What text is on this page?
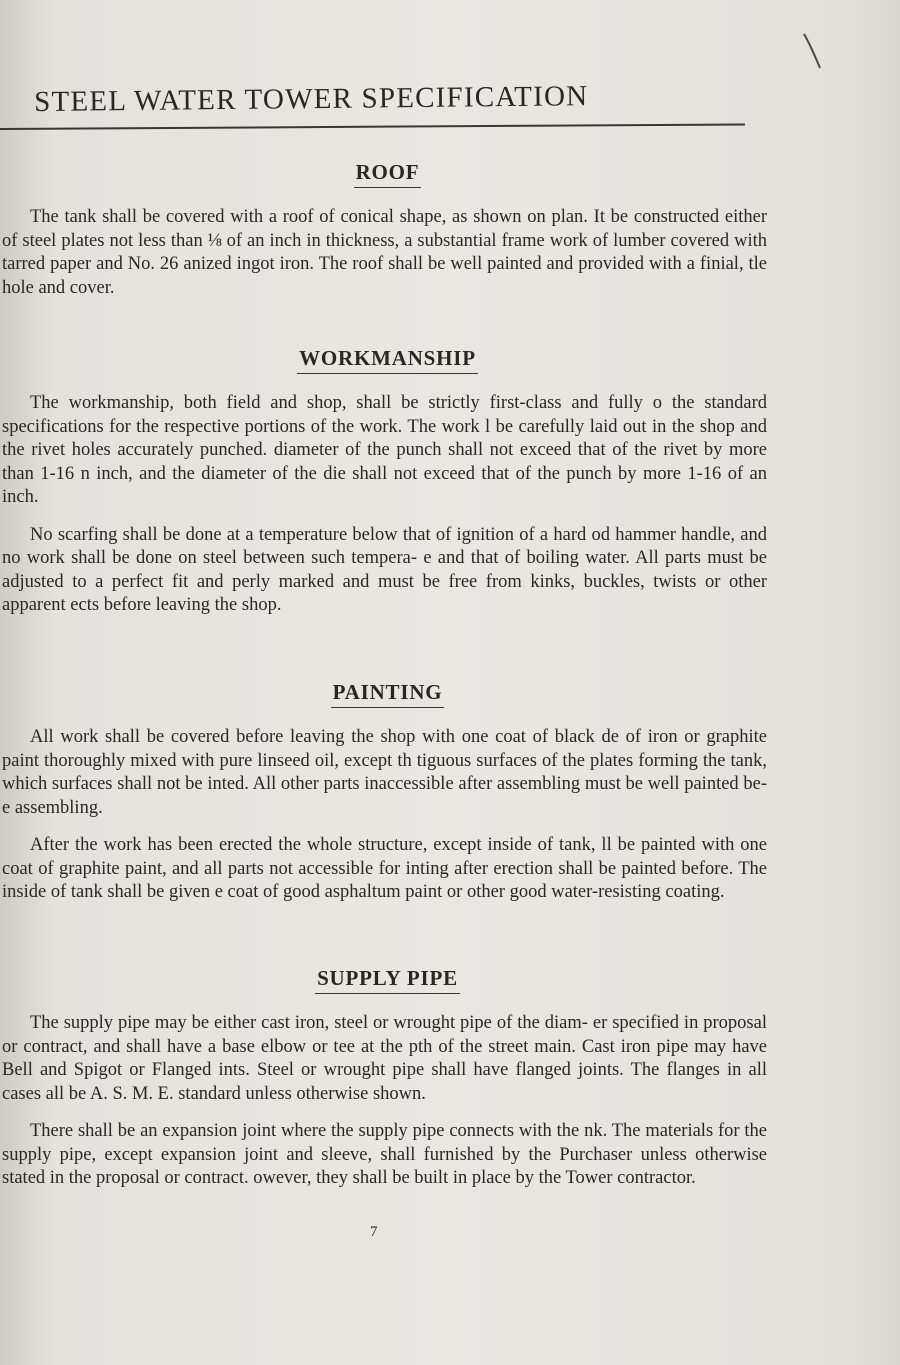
STEEL WATER TOWER SPECIFICATION
ROOF

The tank shall be covered with a roof of conical shape, as shown on plan. It be constructed either of steel plates not less than ⅛ of an inch in thickness, a substantial frame work of lumber covered with tarred paper and No. 26 anized ingot iron. The roof shall be well painted and provided with a finial, tle hole and cover.

WORKMANSHIP

The workmanship, both field and shop, shall be strictly first-class and fully o the standard specifications for the respective portions of the work. The work l be carefully laid out in the shop and the rivet holes accurately punched. diameter of the punch shall not exceed that of the rivet by more than 1-16 n inch, and the diameter of the die shall not exceed that of the punch by more 1-16 of an inch.

No scarfing shall be done at a temperature below that of ignition of a hard od hammer handle, and no work shall be done on steel between such tempera- e and that of boiling water. All parts must be adjusted to a perfect fit and perly marked and must be free from kinks, buckles, twists or other apparent ects before leaving the shop.

PAINTING

All work shall be covered before leaving the shop with one coat of black de of iron or graphite paint thoroughly mixed with pure linseed oil, except th tiguous surfaces of the plates forming the tank, which surfaces shall not be inted. All other parts inaccessible after assembling must be well painted be- e assembling.

After the work has been erected the whole structure, except inside of tank, ll be painted with one coat of graphite paint, and all parts not accessible for inting after erection shall be painted before. The inside of tank shall be given e coat of good asphaltum paint or other good water-resisting coating.

SUPPLY PIPE

The supply pipe may be either cast iron, steel or wrought pipe of the diam- er specified in proposal or contract, and shall have a base elbow or tee at the pth of the street main. Cast iron pipe may have Bell and Spigot or Flanged ints. Steel or wrought pipe shall have flanged joints. The flanges in all cases all be A. S. M. E. standard unless otherwise shown.

There shall be an expansion joint where the supply pipe connects with the nk. The materials for the supply pipe, except expansion joint and sleeve, shall furnished by the Purchaser unless otherwise stated in the proposal or contract. owever, they shall be built in place by the Tower contractor.

7
